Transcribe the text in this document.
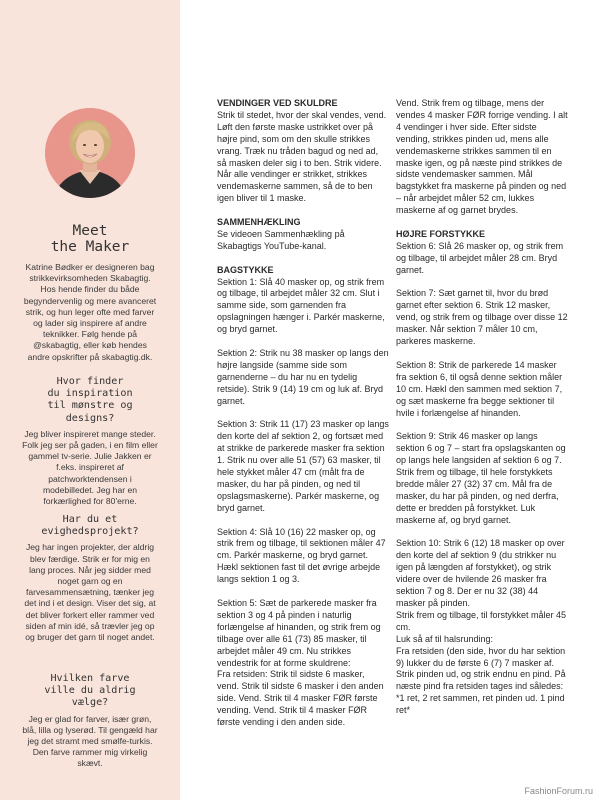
Meet
the Maker

Katrine Bødker er designeren bag strikkevirksomheden Skabagtig. Hos hende finder du både begyndervenlig og mere avanceret strik, og hun leger ofte med farver og lader sig inspirere af andre teknikker. Følg hende på @skabagtig, eller køb hendes andre opskrifter på skabagtig.dk.

Hvor finder
du inspiration
til mønstre og
designs?

Jeg bliver inspireret mange steder. Folk jeg ser på gaden, i en film eller gammel tv-serie. Julie Jakken er f.eks. inspireret af patchworktendensen i modebilledet. Jeg har en forkærlighed for 80'erne.

Har du et
evighedsprojekt?

Jeg har ingen projekter, der aldrig blev færdige. Strik er for mig en lang proces. Når jeg sidder med noget garn og en farvesammensætning, tænker jeg det ind i et design. Viser det sig, at det bliver forkert eller rammer ved siden af min idé, så trævler jeg op og bruger det garn til noget andet.

Hvilken farve
ville du aldrig
vælge?

Jeg er glad for farver, især grøn, blå, lilla og lyserød. Til gengæld har jeg det stramt med smølfe-turkis. Den farve rammer mig virkelig skævt.

VENDINGER VED SKULDRE

Strik til stedet, hvor der skal vendes, vend. Løft den første maske ustrikket over på højre pind, som om den skulle strikkes vrang. Træk nu tråden bagud og ned ad, så masken deler sig i to ben. Strik videre. Når alle vendinger er strikket, strikkes vendemaskerne sammen, så de to ben igen bliver til 1 maske.

SAMMENHÆKLING

Se videoen Sammenhækling på Skabagtigs YouTube-kanal.

BAGSTYKKE

Sektion 1: Slå 40 masker op, og strik frem og tilbage, til arbejdet måler 32 cm. Slut i samme side, som garnenden fra opslagningen hænger i. Parkér maskerne, og bryd garnet.

Sektion 2: Strik nu 38 masker op langs den højre langside (samme side som garnenderne – du har nu en tydelig retside). Strik 9 (14) 19 cm og luk af. Bryd garnet.

Sektion 3: Strik 11 (17) 23 masker op langs den korte del af sektion 2, og fortsæt med at strikke de parkerede masker fra sektion 1. Strik nu over alle 51 (57) 63 masker, til hele stykket måler 47 cm (målt fra de masker, du har på pinden, og ned til opslagsmaskerne). Parkér maskerne, og bryd garnet.

Sektion 4: Slå 10 (16) 22 masker op, og strik frem og tilbage, til sektionen måler 47 cm. Parkér maskerne, og bryd garnet. Hækl sektionen fast til det øvrige arbejde langs sektion 1 og 3.

Sektion 5: Sæt de parkerede masker fra sektion 3 og 4 på pinden i naturlig forlængelse af hinanden, og strik frem og tilbage over alle 61 (73) 85 masker, til arbejdet måler 49 cm. Nu strikkes vendestrik for at forme skuldrene:

Fra retsiden: Strik til sidste 6 masker, vend. Strik til sidste 6 masker i den anden side. Vend. Strik til 4 masker FØR første vending. Vend. Strik til 4 masker FØR første vending i den anden side.

Vend. Strik frem og tilbage, mens der vendes 4 masker FØR forrige vending. I alt 4 vendinger i hver side. Efter sidste vending, strikkes pinden ud, mens alle vendemaskerne strikkes sammen til en maske igen, og på næste pind strikkes de sidste vendemasker sammen. Mål bagstykket fra maskerne på pinden og ned – når arbejdet måler 52 cm, lukkes maskerne af og garnet brydes.

HØJRE FORSTYKKE

Sektion 6: Slå 26 masker op, og strik frem og tilbage, til arbejdet måler 28 cm. Bryd garnet.

Sektion 7: Sæt garnet til, hvor du brød garnet efter sektion 6. Strik 12 masker, vend, og strik frem og tilbage over disse 12 masker. Når sektion 7 måler 10 cm, parkeres maskerne.

Sektion 8: Strik de parkerede 14 masker fra sektion 6, til også denne sektion måler 10 cm. Hækl den sammen med sektion 7, og sæt maskerne fra begge sektioner til hvile i forlængelse af hinanden.

Sektion 9: Strik 46 masker op langs sektion 6 og 7 – start fra opslagskanten og op langs hele langsiden af sektion 6 og 7. Strik frem og tilbage, til hele forstykkets bredde måler 27 (32) 37 cm. Mål fra de masker, du har på pinden, og ned derfra, dette er bredden på forstykket. Luk maskerne af, og bryd garnet.

Sektion 10: Strik 6 (12) 18 masker op over den korte del af sektion 9 (du strikker nu igen på længden af forstykket), og strik videre over de hvilende 26 masker fra sektion 7 og 8. Der er nu 32 (38) 44 masker på pinden.

Strik frem og tilbage, til forstykket måler 45 cm.

Luk så af til halsrunding:

Fra retsiden (den side, hvor du har sektion 9) lukker du de første 6 (7) 7 masker af. Strik pinden ud, og strik endnu en pind. På næste pind fra retsiden tages ind således: *1 ret, 2 ret sammen, ret pinden ud. 1 pind ret*

FashionForum.ru
